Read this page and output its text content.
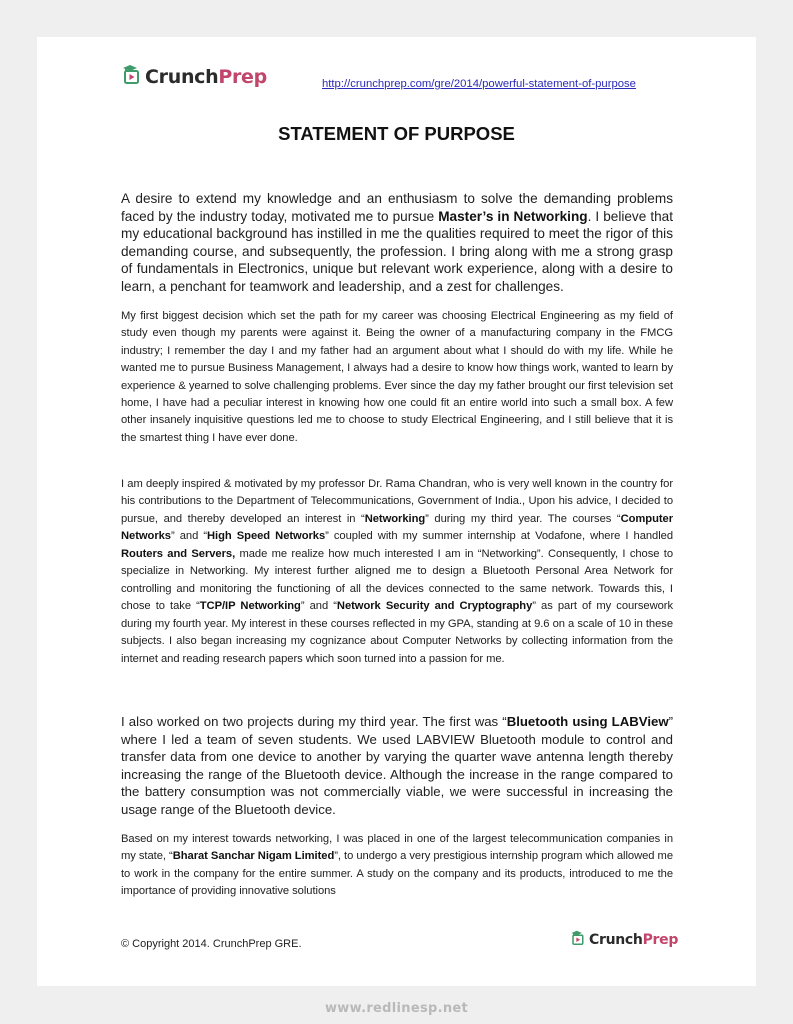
Crunch Prep	http://crunchprep.com/gre/2014/powerful-statement-of-purpose
STATEMENT OF PURPOSE

A desire to extend my knowledge and an enthusiasm to solve the demanding problems faced by the industry today, motivated me to pursue Master’s in Networking. I believe that my educational background has instilled in me the qualities required to meet the rigor of this demanding course, and subsequently, the profession. I bring along with me a strong grasp of fundamentals in Electronics, unique but relevant work experience, along with a desire to learn, a penchant for teamwork and leadership, and a zest for challenges.

My first biggest decision which set the path for my career was choosing Electrical Engineering as my field of study even though my parents were against it. Being the owner of a manufacturing company in the FMCG industry; I remember the day I and my father had an argument about what I should do with my life. While he wanted me to pursue Business Management, I always had a desire to know how things work, wanted to learn by experience & yearned to solve challenging problems. Ever since the day my father brought our first television set home, I have had a peculiar interest in knowing how one could fit an entire world into such a small box. A few other insanely inquisitive questions led me to choose to study Electrical Engineering, and I still believe that it is the smartest thing I have ever done.

I am deeply inspired & motivated by my professor Dr. Rama Chandran, who is very well known in the country for his contributions to the Department of Telecommunications, Government of India., Upon his advice, I decided to pursue, and thereby developed an interest in “Networking” during my third year. The courses “Computer Networks” and “High Speed Networks” coupled with my summer internship at Vodafone, where I handled Routers and Servers, made me realize how much interested I am in “Networking”. Consequently, I chose to specialize in Networking. My interest further aligned me to design a Bluetooth Personal Area Network for controlling and monitoring the functioning of all the devices connected to the same network. Towards this, I chose to take “TCP/IP Networking” and “Network Security and Cryptography” as part of my coursework during my fourth year. My interest in these courses reflected in my GPA, standing at 9.6 on a scale of 10 in these subjects. I also began increasing my cognizance about Computer Networks by collecting information from the internet and reading research papers which soon turned into a passion for me.

I also worked on two projects during my third year. The first was “Bluetooth using LABView” where I led a team of seven students. We used LABVIEW Bluetooth module to control and transfer data from one device to another by varying the quarter wave antenna length thereby increasing the range of the Bluetooth device. Although the increase in the range compared to the battery consumption was not commercially viable, we were successful in increasing the usage range of the Bluetooth device.

Based on my interest towards networking, I was placed in one of the largest telecommunication companies in my state, “Bharat Sanchar Nigam Limited”, to undergo a very prestigious internship program which allowed me to work in the company for the entire summer. A study on the company and its products, introduced to me the importance of providing innovative solutions

© Copyright 2014. CrunchPrep GRE.	Crunch Prep
www.redlinesp.net
